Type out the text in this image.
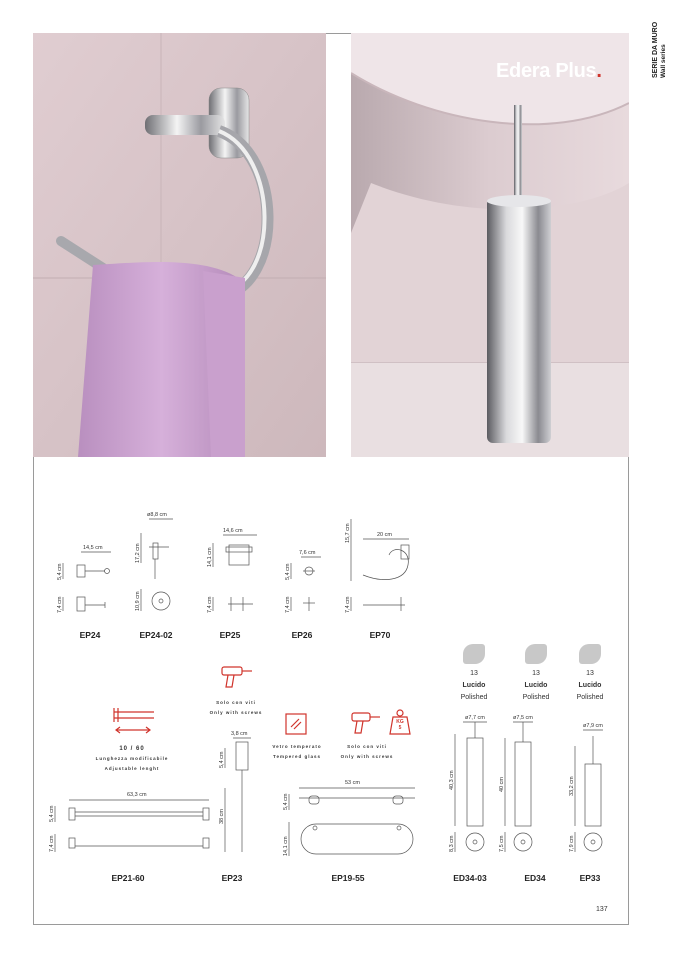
SERIE DA MURO Wall series
Edera Plus.
14,5 cm
5,4 cm
7,4 cm
ø8,8 cm
17,2 cm
10,9 cm
14,6 cm
14,1 cm
7,4 cm
7,6 cm
5,4 cm
7,4 cm
20 cm
15,7 cm
7,4 cm
EP24	EP24-02	EP25	EP26	EP70
13
Lucido
Polished
13
Lucido
Polished
13
Lucido
Polished
Solo con viti
Only with screws
10 / 60
Lunghezza modificabile
Adjustable lenght
KG
5
Vetro temperato
Tempered glass
Solo con viti
Only with screws
63,3 cm
5,4 cm
7,4 cm
3,8 cm
5,4 cm
38 cm
53 cm
5,4 cm
14,1 cm
ø7,7 cm
40,3 cm
8,3 cm
ø7,5 cm
40 cm
7,5 cm
ø7,9 cm
33,2 cm
7,9 cm
EP21-60	EP23	EP19-55	ED34-03	ED34	EP33
137
